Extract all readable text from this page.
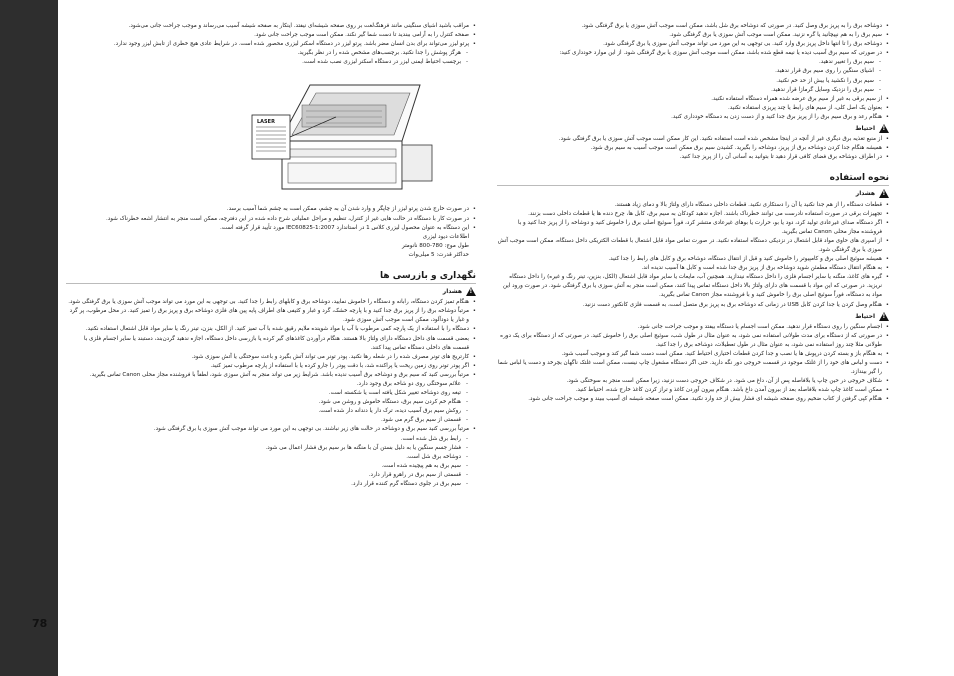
78

• مراقب باشید اشیای سنگینی مانند فرهنگ‌لغت بر روی صفحه شیشه‌ای نیفتد. اینکار به صفحه شیشه آسیب می‌رساند و موجب جراحت جانی می‌شود.

• صفحه کنترل را به آرامی ببندید تا دست شما گیر نکند. ممکن است موجب جراحت جانی شود.

• پرتو لیزر می‌تواند برای بدن انسان مضر باشد. پرتو لیزر در دستگاه اسکنر لیزری محصور شده است. در شرایط عادی هیچ خطری از تابش لیزر وجود ندارد.

- هرگز پوشش را جدا نکنید. برچسب‌های مشخص شده را در نظر بگیرید.

- برچسب احتیاط ایمنی لیزر در دستگاه اسکنر لیزری نصب شده است.

LASER

• در صورت خارج شدن پرتو لیزر از چاپگر و وارد شدن آن به چشم، ممکن است به چشم شما آسیب برسد.

• در صورت کار با دستگاه در حالت هایی غیر از کنترل، تنظیم و مراحل عملیاتی شرح داده شده در این دفترچه، ممکن است منجر به انتشار اشعه خطرناک شود.

• این دستگاه به عنوان محصول لیزری کلاس 1 در استاندارد IEC60825-1:2007 مورد تأیید قرار گرفته است.

اطلاعات دیود لیزری
طول موج: 780-800 نانومتر
حداکثر قدرت: 5 میلی‌وات
نگهداری و بازرسی ها
!
هشدار

• هنگام تمیز کردن دستگاه، رابانه و دستگاه را خاموش نمایید، دوشاخه برق و کابلهای رابط را جدا کنید. بی توجهی به این مورد می تواند موجب آتش سوزی یا برق گرفتگی شود.

• مرتباً دوشاخه برق را از پریز برق جدا کنید و با پارچه خشک، گرد و غبار و کثیفی های اطراف پایه پین های فلزی دوشاخه برق و پریز برق را تمیز کنید. در محل مرطوب، پر گرد و غبار یا دودآلود، ممکن است موجب آتش سوزی شود.

• دستگاه را با استفاده از یک پارچه کمی مرطوب با آب یا مواد شوینده ملایم رقیق شده با آب تمیز کنید. از الکل، بنزن، تینر رنگ یا سایر مواد قابل اشتعال استفاده نکنید.

• بعضی قسمت های داخل دستگاه دارای ولتاژ بالا هستند. هنگام درآوردن کاغذهای گیر کرده یا بازرسی داخل دستگاه، اجازه ندهید گردن‌بند، دستبند یا سایر اجسام فلزی با قسمت های داخلی دستگاه تماس پیدا کنند.

• کارتریج های تونر مصرف شده را در شعله رها نکنید. پودر تونر می تواند آتش بگیرد و باعث سوختگی یا آتش سوزی شود.

• اگر پودر تونر روی زمین ریخت یا پراکنده شد، با دقت پودر را جارو کرده یا با استفاده از پارچه مرطوب تمیز کنید.

• مرتباً بررسی کنید که سیم برق و دوشاخه برق آسیب ندیده باشد. شرایط زیر می تواند منجر به آتش سوزی شود، لطفاً با فروشنده مجاز محلی Canon تماس بگیرید.

- علائم سوختگی روی دو شاخه برق وجود دارد.

- تیغه روی دوشاخه تغییر شکل یافته است یا شکسته است.

- هنگام خم کردن سیم برق، دستگاه خاموش و روشن می شود.

- روکش سیم برق آسیب دیده، ترک دار یا دندانه دار شده است.

- قسمتی از سیم برق گرم می شود.

• مرتباً بررسی کنید سیم برق و دوشاخه در حالت های زیر نباشند. بی توجهی به این مورد می تواند موجب آتش سوزی یا برق گرفتگی شود.

- رابط برق شل شده است.

- فشار جسم سنگین یا به دلیل بستن آن با منگنه ها بر سیم برق فشار اعمال می شود.

- دوشاخه برق شل است.

- سیم برق به هم پیچیده شده است.

- قسمتی از سیم برق در راهرو قرار دارد.

- سیم برق در جلوی دستگاه گرم کننده قرار دارد.

• دوشاخه برق را به پریز برق وصل کنید. در صورتی که دوشاخه برق شل باشد، ممکن است موجب آتش سوزی یا برق گرفتگی شود.

• سیم برق را به هم نپیچانید یا گره نزنید. ممکن است موجب آتش سوزی یا برق گرفتگی شود.

• دوشاخه برق را تا انتها داخل پریز برق وارد کنید. بی توجهی به این مورد می تواند موجب آتش سوزی یا برق گرفتگی شود.

• در صورتی که سیم برق آسیب دیده یا نیمه قطع شده باشد، ممکن است موجب آتش سوزی یا برق گرفتگی شود. از این موارد خودداری کنید:

- سیم برق را تغییر ندهید.

- اشیای سنگین را روی سیم برق قرار ندهید.

- سیم برق را نکشید یا بیش از حد خم نکنید.

- سیم برق را نزدیک وسایل گرمازا قرار ندهید.

• از سیم برقی به غیر از سیم برق عرضه شده همراه دستگاه استفاده نکنید.

• بعنوان یک اصل کلی، از سیم های رابط یا چند پریزی استفاده نکنید.

• هنگام رعد و برق سیم برق را از پریز برق جدا کنید و از دست زدن به دستگاه خودداری کنید.

!
احتیاط

• از منبع تغذیه برق دیگری غیر از آنچه در اینجا مشخص شده است استفاده نکنید. این کار ممکن است موجب آتش سوزی یا برق گرفتگی شود.

• همیشه هنگام جدا کردن دوشاخه برق از پریز، دوشاخه را بگیرید. کشیدن سیم برق ممکن است موجب آسیب به سیم برق شود.

• در اطراف دوشاخه برق فضای کافی قرار دهید تا بتوانید به آسانی آن را از پریز جدا کنید.

نحوه استفاده
!
هشدار

• قطعات دستگاه را از هم جدا نکنید یا آن را دستکاری نکنید. قطعات داخلی دستگاه دارای ولتاژ بالا و دمای زیاد هستند.

• تجهیزات برقی در صورت استفاده نادرست می توانند خطرناک باشند. اجازه ندهید کودکان به سیم برق، کابل ها، چرخ دنده ها یا قطعات داخلی دست بزنند.

• اگر دستگاه صدای غیرعادی تولید کرد، دود یا بو، حرارت یا بوهای غیرعادی منتشر کرد، فوراً سوئیچ اصلی برق را خاموش کنید و دوشاخه را از پریز جدا کنید و با فروشنده مجاز محلی Canon تماس بگیرید.

• از اسپری های حاوی مواد قابل اشتعال در نزدیکی دستگاه استفاده نکنید. در صورت تماس مواد قابل اشتعال با قطعات الکتریکی داخل دستگاه، ممکن است موجب آتش سوزی یا برق گرفتگی شود.

• همیشه سوئیچ اصلی برق و کامپیوتر را خاموش کنید و قبل از انتقال دستگاه، دوشاخه برق و کابل های رابط را جدا کنید.

• به هنگام انتقال دستگاه مطمئن شوید دوشاخه برق از پریز برق جدا شده است و کابل ها آسیب ندیده اند.

• گیره های کاغذ، منگنه یا سایر اجسام فلزی را داخل دستگاه نیندازید. همچنین آب، مایعات یا سایر مواد قابل اشتعال (الکل، بنزین، تینر رنگ و غیره) را داخل دستگاه نریزید. در صورتی که این مواد با قسمت های دارای ولتاژ بالا داخل دستگاه تماس پیدا کنند، ممکن است منجر به آتش سوزی یا برق گرفتگی شود. در صورت ورود این مواد به دستگاه، فوراً سوئیچ اصلی برق را خاموش کنید و با فروشنده مجاز Canon تماس بگیرید.

• هنگام وصل کردن یا جدا کردن کابل USB در زمانی که دوشاخه برق به پریز برق متصل است، به قسمت فلزی کانکتور دست نزنید.

!
احتیاط

• اجسام سنگین را روی دستگاه قرار ندهید. ممکن است اجسام یا دستگاه بیفتد و موجب جراحت جانی شود.

• در صورتی که از دستگاه برای مدت طولانی استفاده نمی شود، به عنوان مثال در طول شب، سوئیچ اصلی برق را خاموش کنید. در صورتی که از دستگاه برای یک دوره طولانی مثلا چند روز استفاده نمی شود، به عنوان مثال در طول تعطیلات، دوشاخه برق را جدا کنید.

• به هنگام باز و بسته کردن درپوش ها یا نصب و جدا کردن قطعات اختیاری احتیاط کنید. ممکن است دست شما گیر کند و موجب آسیب شود.

• دست و لباس های خود را از غلتک موجود در قسمت خروجی دور نگه دارید. حتی اگر دستگاه مشغول چاپ نیست، ممکن است غلتک ناگهان بچرخد و دست یا لباس شما را گیر بیندازد.

• شکاف خروجی در حین چاپ یا بلافاصله پس از آن، داغ می شود. در شکاف خروجی دست نزنید، زیرا ممکن است منجر به سوختگی شود.

• ممکن است کاغذ چاپ شده بلافاصله بعد از بیرون آمدن داغ باشد. هنگام بیرون آوردن کاغذ و تراز کردن کاغذ خارج شده، احتیاط کنید.

• هنگام کپی گرفتن از کتاب ضخیم روی صفحه شیشه ای فشار بیش از حد وارد نکنید. ممکن است صفحه شیشه ای آسیب ببیند و موجب جراحت جانی شود.
